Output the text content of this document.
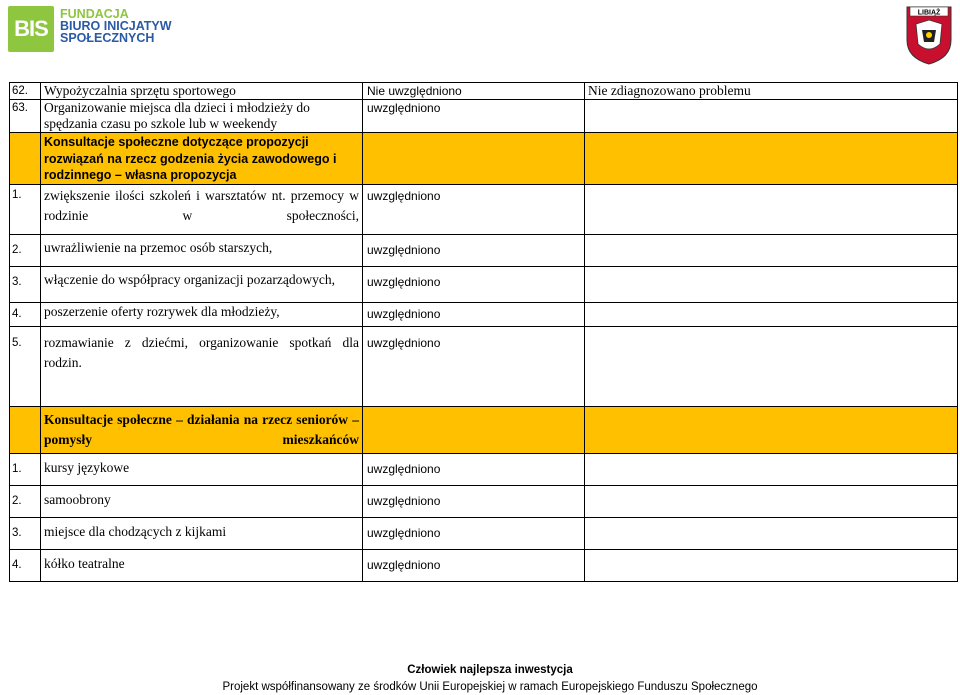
BIS
FUNDACJA
BIURO INICJATYW
SPOŁECZNYCH
LIBIĄŻ
62.	Wypożyczalnia sprzętu sportowego	Nie uwzględniono	Nie zdiagnozowano problemu
63.	Organizowanie miejsca dla dzieci i młodzieży do spędzania czasu po szkole lub w weekendy	uwzględniono	
	Konsultacje społeczne dotyczące propozycji rozwiązań na rzecz godzenia życia zawodowego i rodzinnego – własna propozycja		
1.	zwiększenie ilości szkoleń i warsztatów nt. przemocy w rodzinie w społeczności,	uwzględniono	
2.	uwrażliwienie na przemoc osób starszych,	uwzględniono	
3.	włączenie do współpracy organizacji pozarządowych,	uwzględniono	
4.	poszerzenie oferty rozrywek dla młodzieży,	uwzględniono	
5.	rozmawianie z dziećmi, organizowanie spotkań dla rodzin.	uwzględniono	
	Konsultacje społeczne – działania na rzecz seniorów – pomysły mieszkańców		
1.	kursy językowe	uwzględniono	
2.	samoobrony	uwzględniono	
3.	miejsce dla chodzących z kijkami	uwzględniono	
4.	kółko teatralne	uwzględniono	
Człowiek najlepsza inwestycja
Projekt współfinansowany ze środków Unii Europejskiej w ramach Europejskiego Funduszu Społecznego
